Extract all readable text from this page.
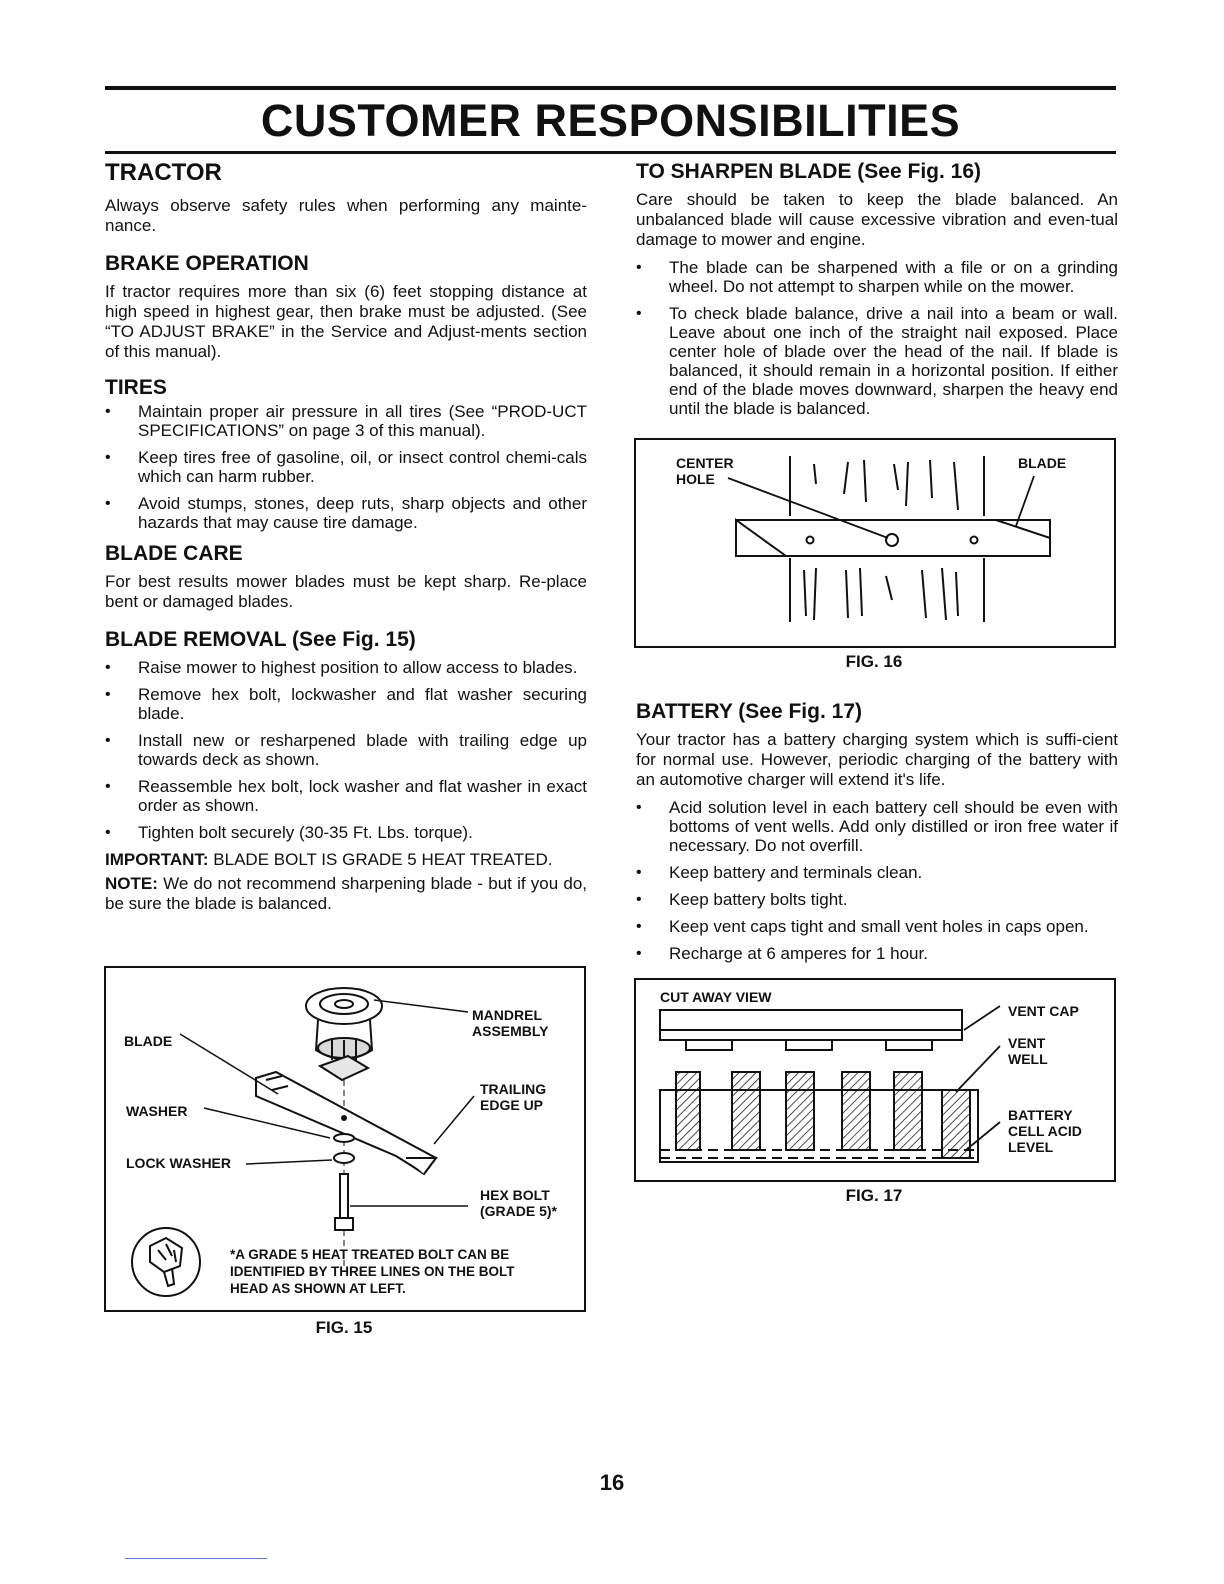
CUSTOMER RESPONSIBILITIES
TRACTOR

Always observe safety rules when performing any mainte-nance.

BRAKE OPERATION

If tractor requires more than six (6) feet stopping distance at high speed in highest gear, then brake must be adjusted. (See “TO ADJUST BRAKE” in the Service and Adjust-ments section of this manual).

TIRES
•	Maintain proper air pressure in all tires (See “PROD-UCT SPECIFICATIONS” on page 3 of this manual).
•	Keep tires free of gasoline, oil, or insect control chemi-cals which can harm rubber.
•	Avoid stumps, stones, deep ruts, sharp objects and other hazards that may cause tire damage.
BLADE CARE

For best results mower blades must be kept sharp. Re-place bent or damaged blades.

BLADE REMOVAL (See Fig. 15)
•	Raise mower to highest position to allow access to blades.
•	Remove hex bolt, lockwasher and flat washer securing blade.
•	Install new or resharpened blade with trailing edge up towards deck as shown.
•	Reassemble hex bolt, lock washer and flat washer in exact order as shown.
•	Tighten bolt securely (30-35 Ft. Lbs. torque).

IMPORTANT: BLADE BOLT IS GRADE 5 HEAT TREATED.

NOTE: We do not recommend sharpening blade - but if you do, be sure the blade is balanced.

MANDREL
ASSEMBLY
BLADE
TRAILING
EDGE UP
WASHER
LOCK WASHER
HEX BOLT
(GRADE 5)*
*A GRADE 5 HEAT TREATED BOLT CAN BE
IDENTIFIED BY THREE LINES ON THE BOLT
HEAD AS SHOWN AT LEFT.
FIG. 15
TO SHARPEN BLADE (See Fig. 16)

Care should be taken to keep the blade balanced. An unbalanced blade will cause excessive vibration and even-tual damage to mower and engine.

•	The blade can be sharpened with a file or on a grinding wheel. Do not attempt to sharpen while on the mower.
•	To check blade balance, drive a nail into a beam or wall. Leave about one inch of the straight nail exposed. Place center hole of blade over the head of the nail. If blade is balanced, it should remain in a horizontal position. If either end of the blade moves downward, sharpen the heavy end until the blade is balanced.
CENTER
HOLE
BLADE
FIG. 16
BATTERY (See Fig. 17)

Your tractor has a battery charging system which is suffi-cient for normal use. However, periodic charging of the battery with an automotive charger will extend it's life.

•	Acid solution level in each battery cell should be even with bottoms of vent wells. Add only distilled or iron free water if necessary. Do not overfill.
•	Keep battery and terminals clean.
•	Keep battery bolts tight.
•	Keep vent caps tight and small vent holes in caps open.
•	Recharge at 6 amperes for 1 hour.
CUT AWAY VIEW
VENT CAP
VENT
WELL
BATTERY
CELL ACID
LEVEL
FIG. 17
16
